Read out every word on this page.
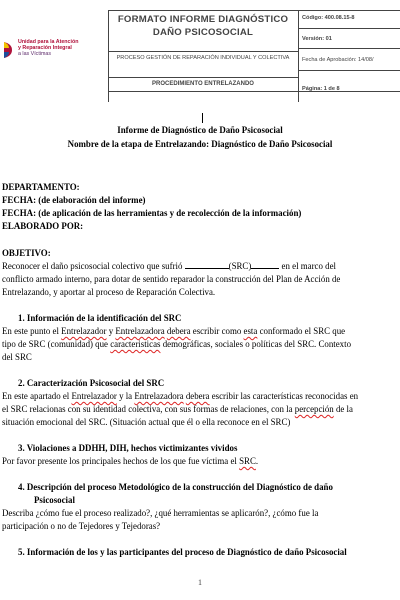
Unidad para la Atención
y Reparación Integral
a las Víctimas
FORMATO INFORME DIAGNÓSTICO
DAÑO PSICOSOCIAL
PROCESO GESTIÓN DE REPARACIÓN INDIVIDUAL Y COLECTIVA
PROCEDIMIENTO ENTRELAZANDO
Código: 400.08.15-8
Versión: 01
Fecha de Aprobación: 14/08/
Página: 1 de 8
Informe de Diagnóstico de Daño Psicosocial
Nombre de la etapa de Entrelazando: Diagnóstico de Daño Psicosocial
DEPARTAMENTO:
FECHA: (de elaboración del informe)
FECHA: (de aplicación de las herramientas y de recolección de la información)
ELABORADO POR:
OBJETIVO:
Reconocer el daño psicosocial colectivo que sufrió	(SRC)	en el marco del
conflicto armado interno, para dotar de sentido reparador la construcción del Plan de Acción de
Entrelazando, y aportar al proceso de Reparación Colectiva.
1. Información de la identificación del SRC
En este punto el Entrelazador y Entrelazadora debera escribir como esta conformado el SRC que
tipo de SRC (comunidad) que caracteristicas demográficas, sociales o políticas del SRC. Contexto
del SRC
2. Caracterización Psicosocial del SRC
En este apartado el Entrelazador y la Entrelazadora debera escribir las características reconocidas en
el SRC relacionas con su identidad colectiva, con sus formas de relaciones, con la percepción de la
situación emocional del SRC. (Situación actual que él o ella reconoce en el SRC)
3. Violaciones a DDHH, DIH, hechos victimizantes vividos
Por favor presente los principales hechos de los que fue víctima el SRC.
4. Descripción del proceso Metodológico de la construcción del Diagnóstico de daño
Psicosocial
Describa ¿cómo fue el proceso realizado?, ¿qué herramientas se aplicarón?, ¿cómo fue la
participación o no de Tejedores y Tejedoras?
5. Información de los y las participantes del proceso de Diagnóstico de daño Psicosocial
1
